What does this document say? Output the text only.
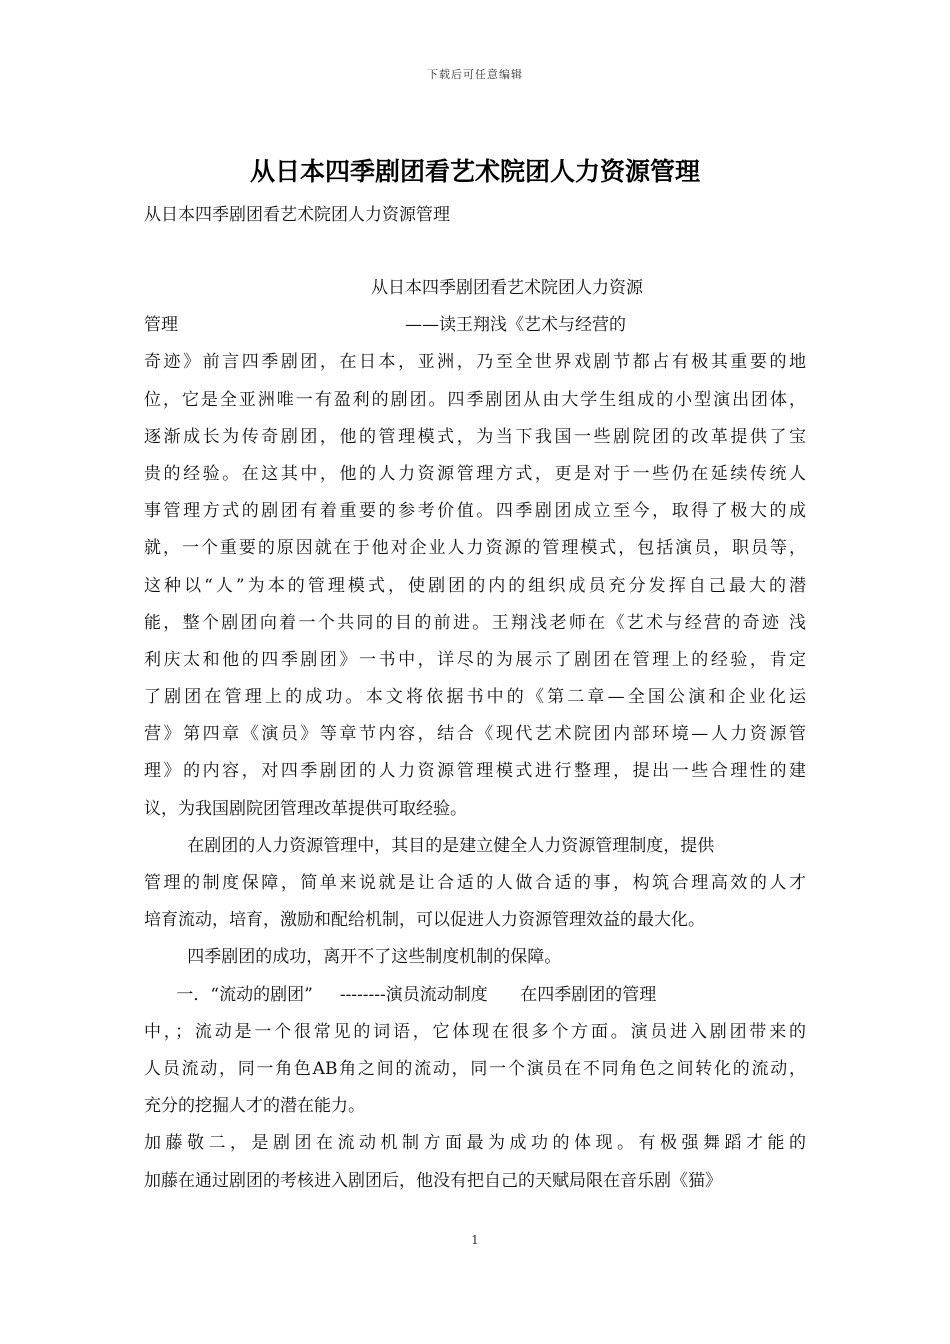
下载后可任意编辑
从日本四季剧团看艺术院团人力资源管理
从日本四季剧团看艺术院团人力资源管理
从日本四季剧团看艺术院团人力资源
管理                                          ——读王翔浅《艺术与经营的
奇迹》前言四季剧团，在日本，亚洲，乃至全世界戏剧节都占有极其重要的地
位，它是全亚洲唯一有盈利的剧团。四季剧团从由大学生组成的小型演出团体，
逐渐成长为传奇剧团，他的管理模式，为当下我国一些剧院团的改革提供了宝
贵的经验。在这其中，他的人力资源管理方式，更是对于一些仍在延续传统人
事管理方式的剧团有着重要的参考价值。四季剧团成立至今，取得了极大的成
就，一个重要的原因就在于他对企业人力资源的管理模式，包括演员，职员等，
这种以“人”为本的管理模式，使剧团的内的组织成员充分发挥自己最大的潜
能，整个剧团向着一个共同的目的前进。王翔浅老师在《艺术与经营的奇迹 浅
利庆太和他的四季剧团》一书中，详尽的为展示了剧团在管理上的经验，肯定
了剧团在管理上的成功。本文将依据书中的《第二章—全国公演和企业化运
营》第四章《演员》等章节内容，结合《现代艺术院团内部环境—人力资源管
理》的内容，对四季剧团的人力资源管理模式进行整理，提出一些合理性的建
议，为我国剧院团管理改革提供可取经验。
在剧团的人力资源管理中，其目的是建立健全人力资源管理制度，提供
管理的制度保障，简单来说就是让合适的人做合适的事，构筑合理高效的人才
培育流动，培育，激励和配给机制，可以促进人力资源管理效益的最大化。
四季剧团的成功，离开不了这些制度机制的保障。
一．“流动的剧团”     --------演员流动制度      在四季剧团的管理
中，；流动是一个很常见的词语，它体现在很多个方面。演员进入剧团带来的
人员流动，同一角色AB角之间的流动，同一个演员在不同角色之间转化的流动，
充分的挖掘人才的潜在能力。
加藤敬二，是剧团在流动机制方面最为成功的体现。有极强舞蹈才能的
加藤在通过剧团的考核进入剧团后，他没有把自己的天赋局限在音乐剧《猫》
1
